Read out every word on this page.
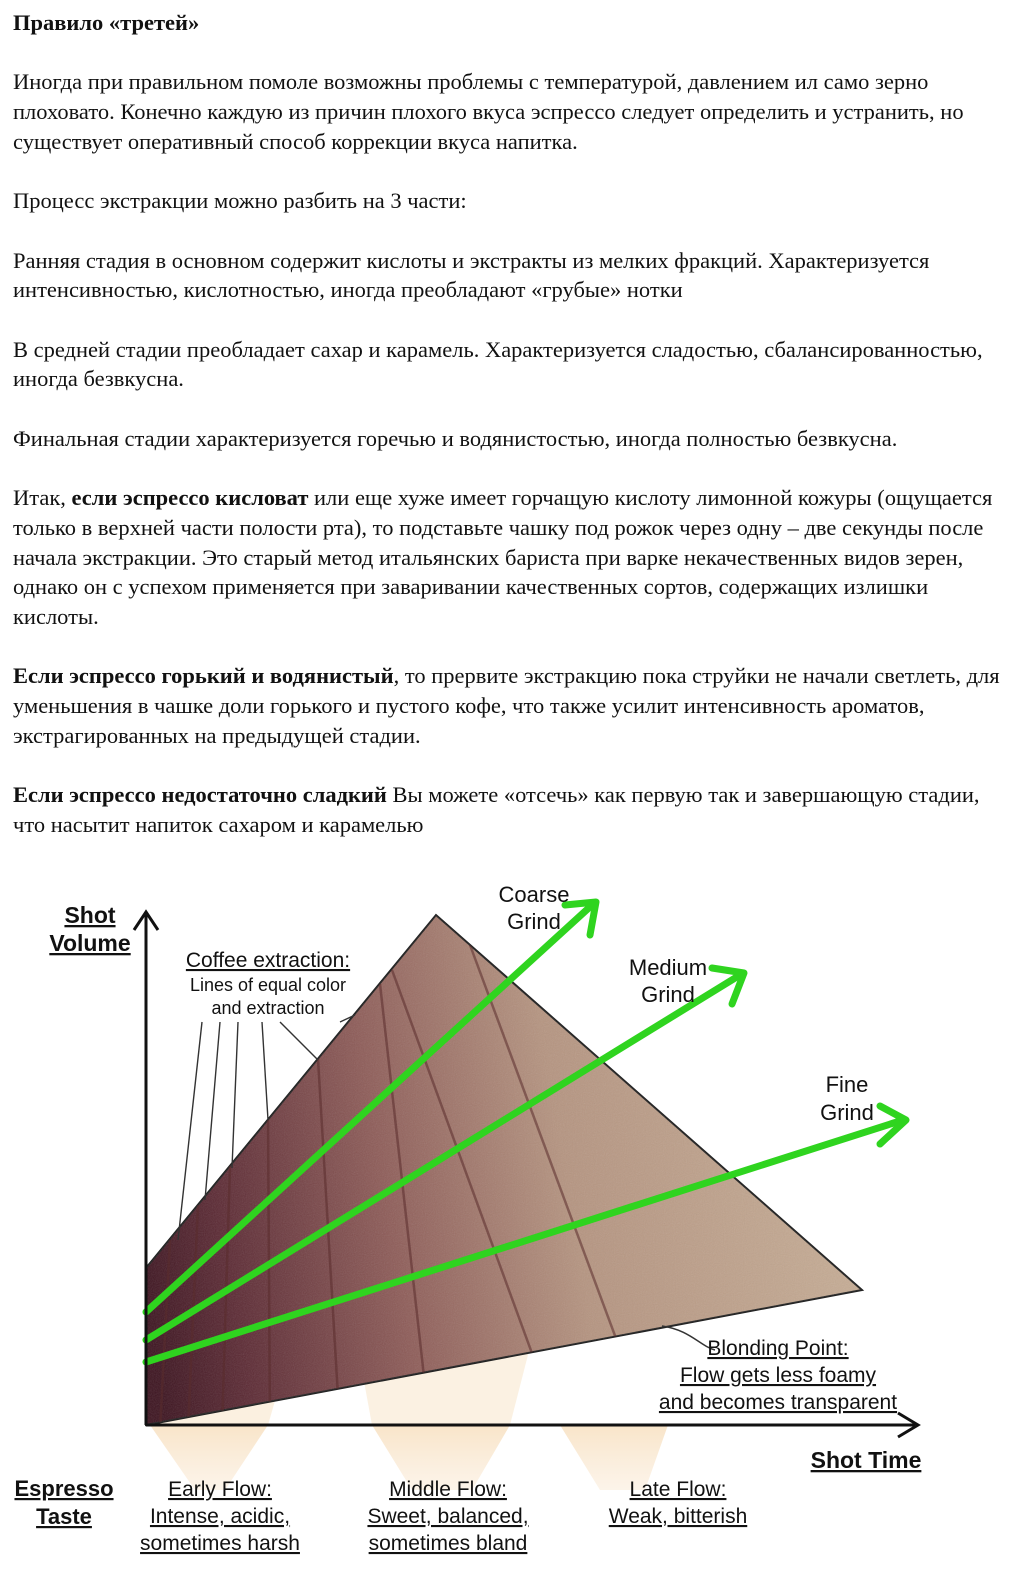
Правило «третей»

Иногда при правильном помоле возможны проблемы с температурой, давлением ил само зерно плоховато. Конечно каждую из причин плохого вкуса эспрессо следует определить и устранить, но существует оперативный способ коррекции вкуса напитка.

Процесс экстракции можно разбить на 3 части:

Ранняя стадия в основном содержит кислоты и экстракты из мелких фракций. Характеризуется интенсивностью, кислотностью, иногда преобладают «грубые» нотки

В средней стадии преобладает сахар и карамель. Характеризуется сладостью, сбалансированностью, иногда безвкусна.

Финальная стадии характеризуется горечью и водянистостью, иногда полностью безвкусна.

Итак, если эспрессо кисловат или еще хуже имеет горчащую кислоту лимонной кожуры (ощущается только в верхней части полости рта), то подставьте чашку под рожок через одну – две секунды после начала экстракции. Это старый метод итальянских бариста при варке некачественных видов зерен, однако он с успехом применяется при заваривании качественных сортов, содержащих излишки кислоты.

Если эспрессо горький и водянистый, то прервите экстракцию пока струйки не начали светлеть, для уменьшения в чашке доли горького и пустого кофе, что также усилит интенсивность ароматов, экстрагированных на предыдущей стадии.

Если эспрессо недостаточно сладкий Вы можете «отсечь» как первую так и завершающую стадии, что насытит напиток сахаром и карамелью

Shot
Volume
Coffee extraction:
Lines of equal color
and extraction
Coarse
Grind
Medium
Grind
Fine
Grind
Blonding Point:
Flow gets less foamy
and becomes transparent
Shot Time
Espresso
Taste
Early Flow:
Intense, acidic,
sometimes harsh
Middle Flow:
Sweet, balanced,
sometimes bland
Late Flow:
Weak, bitterish
